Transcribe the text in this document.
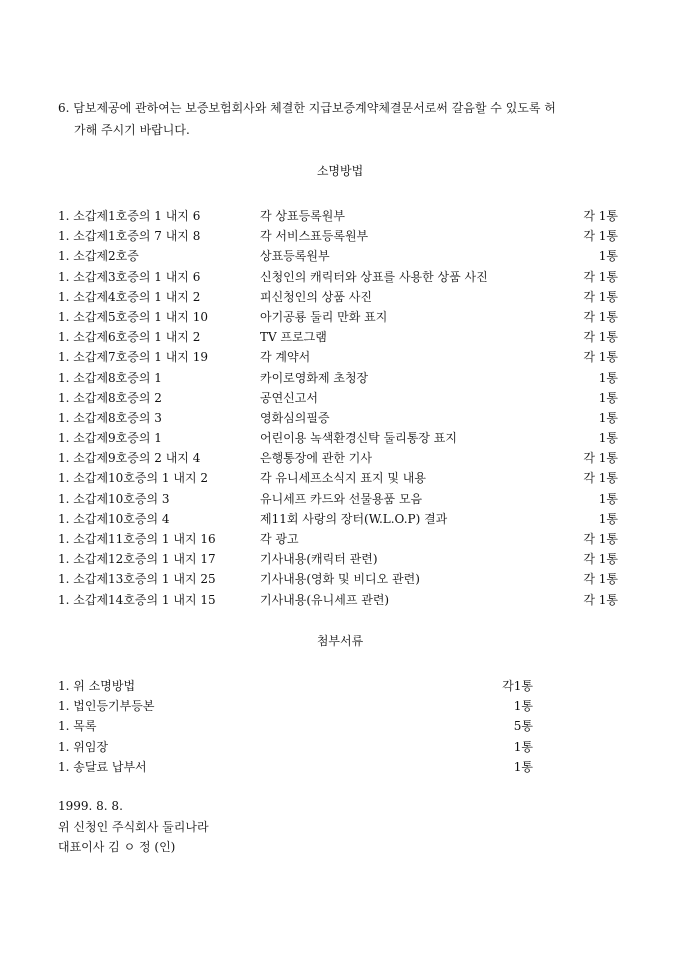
6. 담보제공에 관하여는 보증보험회사와 체결한 지급보증계약체결문서로써 갈음할 수 있도록 허
가해 주시기 바랍니다.
소명방법
1. 소갑제1호증의 1 내지 6	각 상표등록원부	각 1통
1. 소갑제1호증의 7 내지 8	각 서비스표등록원부	각 1통
1. 소갑제2호증	상표등록원부	1통
1. 소갑제3호증의 1 내지 6	신청인의 캐릭터와 상표를 사용한 상품 사진	각 1통
1. 소갑제4호증의 1 내지 2	피신청인의 상품 사진	각 1통
1. 소갑제5호증의 1 내지 10	아기공룡 둘리 만화 표지	각 1통
1. 소갑제6호증의 1 내지 2	TV 프로그램	각 1통
1. 소갑제7호증의 1 내지 19	각 계약서	각 1통
1. 소갑제8호증의 1	카이로영화제 초청장	1통
1. 소갑제8호증의 2	공연신고서	1통
1. 소갑제8호증의 3	영화심의필증	1통
1. 소갑제9호증의 1	어린이용 녹색환경신탁 둘리통장 표지	1통
1. 소갑제9호증의 2 내지 4	은행통장에 관한 기사	각 1통
1. 소갑제10호증의 1 내지 2	각 유니세프소식지 표지 및 내용	각 1통
1. 소갑제10호증의 3	유니세프 카드와 선물용품 모음	1통
1. 소갑제10호증의 4	제11회 사랑의 장터(W.L.O.P) 결과	1통
1. 소갑제11호증의 1 내지 16	각 광고	각 1통
1. 소갑제12호증의 1 내지 17	기사내용(캐릭터 관련)	각 1통
1. 소갑제13호증의 1 내지 25	기사내용(영화 및 비디오 관련)	각 1통
1. 소갑제14호증의 1 내지 15	기사내용(유니세프 관련)	각 1통
첨부서류
1. 위 소명방법	각1통
1. 법인등기부등본	1통
1. 목록	5통
1. 위임장	1통
1. 송달료 납부서	1통
1999. 8. 8.
위 신청인 주식회사 둘리나라
대표이사 김 ㅇ 정 (인)
